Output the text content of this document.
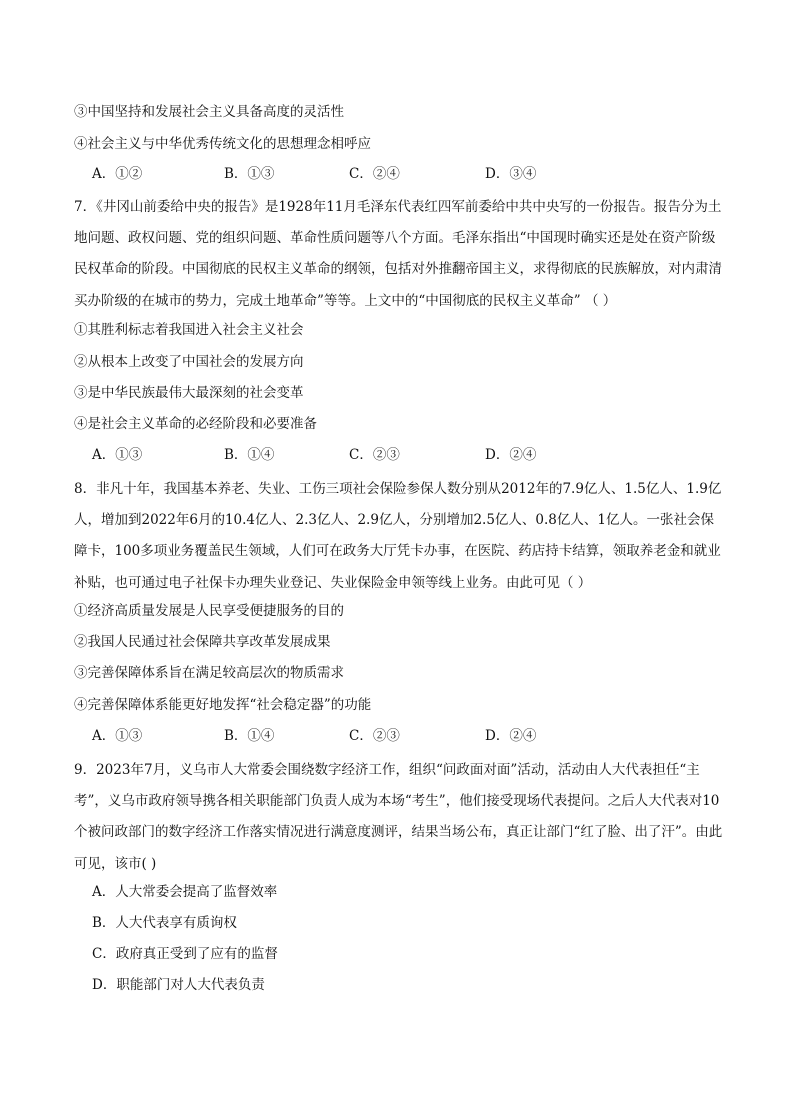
③中国坚持和发展社会主义具备高度的灵活性
④社会主义与中华优秀传统文化的思想理念相呼应
A．①②	B．①③	C．②④	D．③④
7．《井冈山前委给中央的报告》是1928年11月毛泽东代表红四军前委给中共中央写的一份报告。报告分为土地问题、政权问题、党的组织问题、革命性质问题等八个方面。毛泽东指出“中国现时确实还是处在资产阶级民权革命的阶段。中国彻底的民权主义革命的纲领，包括对外推翻帝国主义，求得彻底的民族解放，对内肃清买办阶级的在城市的势力，完成土地革命”等等。上文中的“中国彻底的民权主义革命” （ ）
①其胜利标志着我国进入社会主义社会
②从根本上改变了中国社会的发展方向
③是中华民族最伟大最深刻的社会变革
④是社会主义革命的必经阶段和必要准备
A．①③	B．①④	C．②③	D．②④
8．非凡十年，我国基本养老、失业、工伤三项社会保险参保人数分别从2012年的7.9亿人、1.5亿人、1.9亿人，增加到2022年6月的10.4亿人、2.3亿人、2.9亿人，分别增加2.5亿人、0.8亿人、1亿人。一张社会保障卡，100多项业务覆盖民生领域，人们可在政务大厅凭卡办事，在医院、药店持卡结算，领取养老金和就业补贴，也可通过电子社保卡办理失业登记、失业保险金申领等线上业务。由此可见（ ）
①经济高质量发展是人民享受便捷服务的目的
②我国人民通过社会保障共享改革发展成果
③完善保障体系旨在满足较高层次的物质需求
④完善保障体系能更好地发挥“社会稳定器”的功能
A．①③	B．①④	C．②③	D．②④
9．2023年7月，义乌市人大常委会围绕数字经济工作，组织“问政面对面”活动，活动由人大代表担任“主考”，义乌市政府领导携各相关职能部门负责人成为本场“考生”，他们接受现场代表提问。之后人大代表对10个被问政部门的数字经济工作落实情况进行满意度测评，结果当场公布，真正让部门“红了脸、出了汗”。由此可见，该市( )
A．人大常委会提高了监督效率
B．人大代表享有质询权
C．政府真正受到了应有的监督
D．职能部门对人大代表负责
